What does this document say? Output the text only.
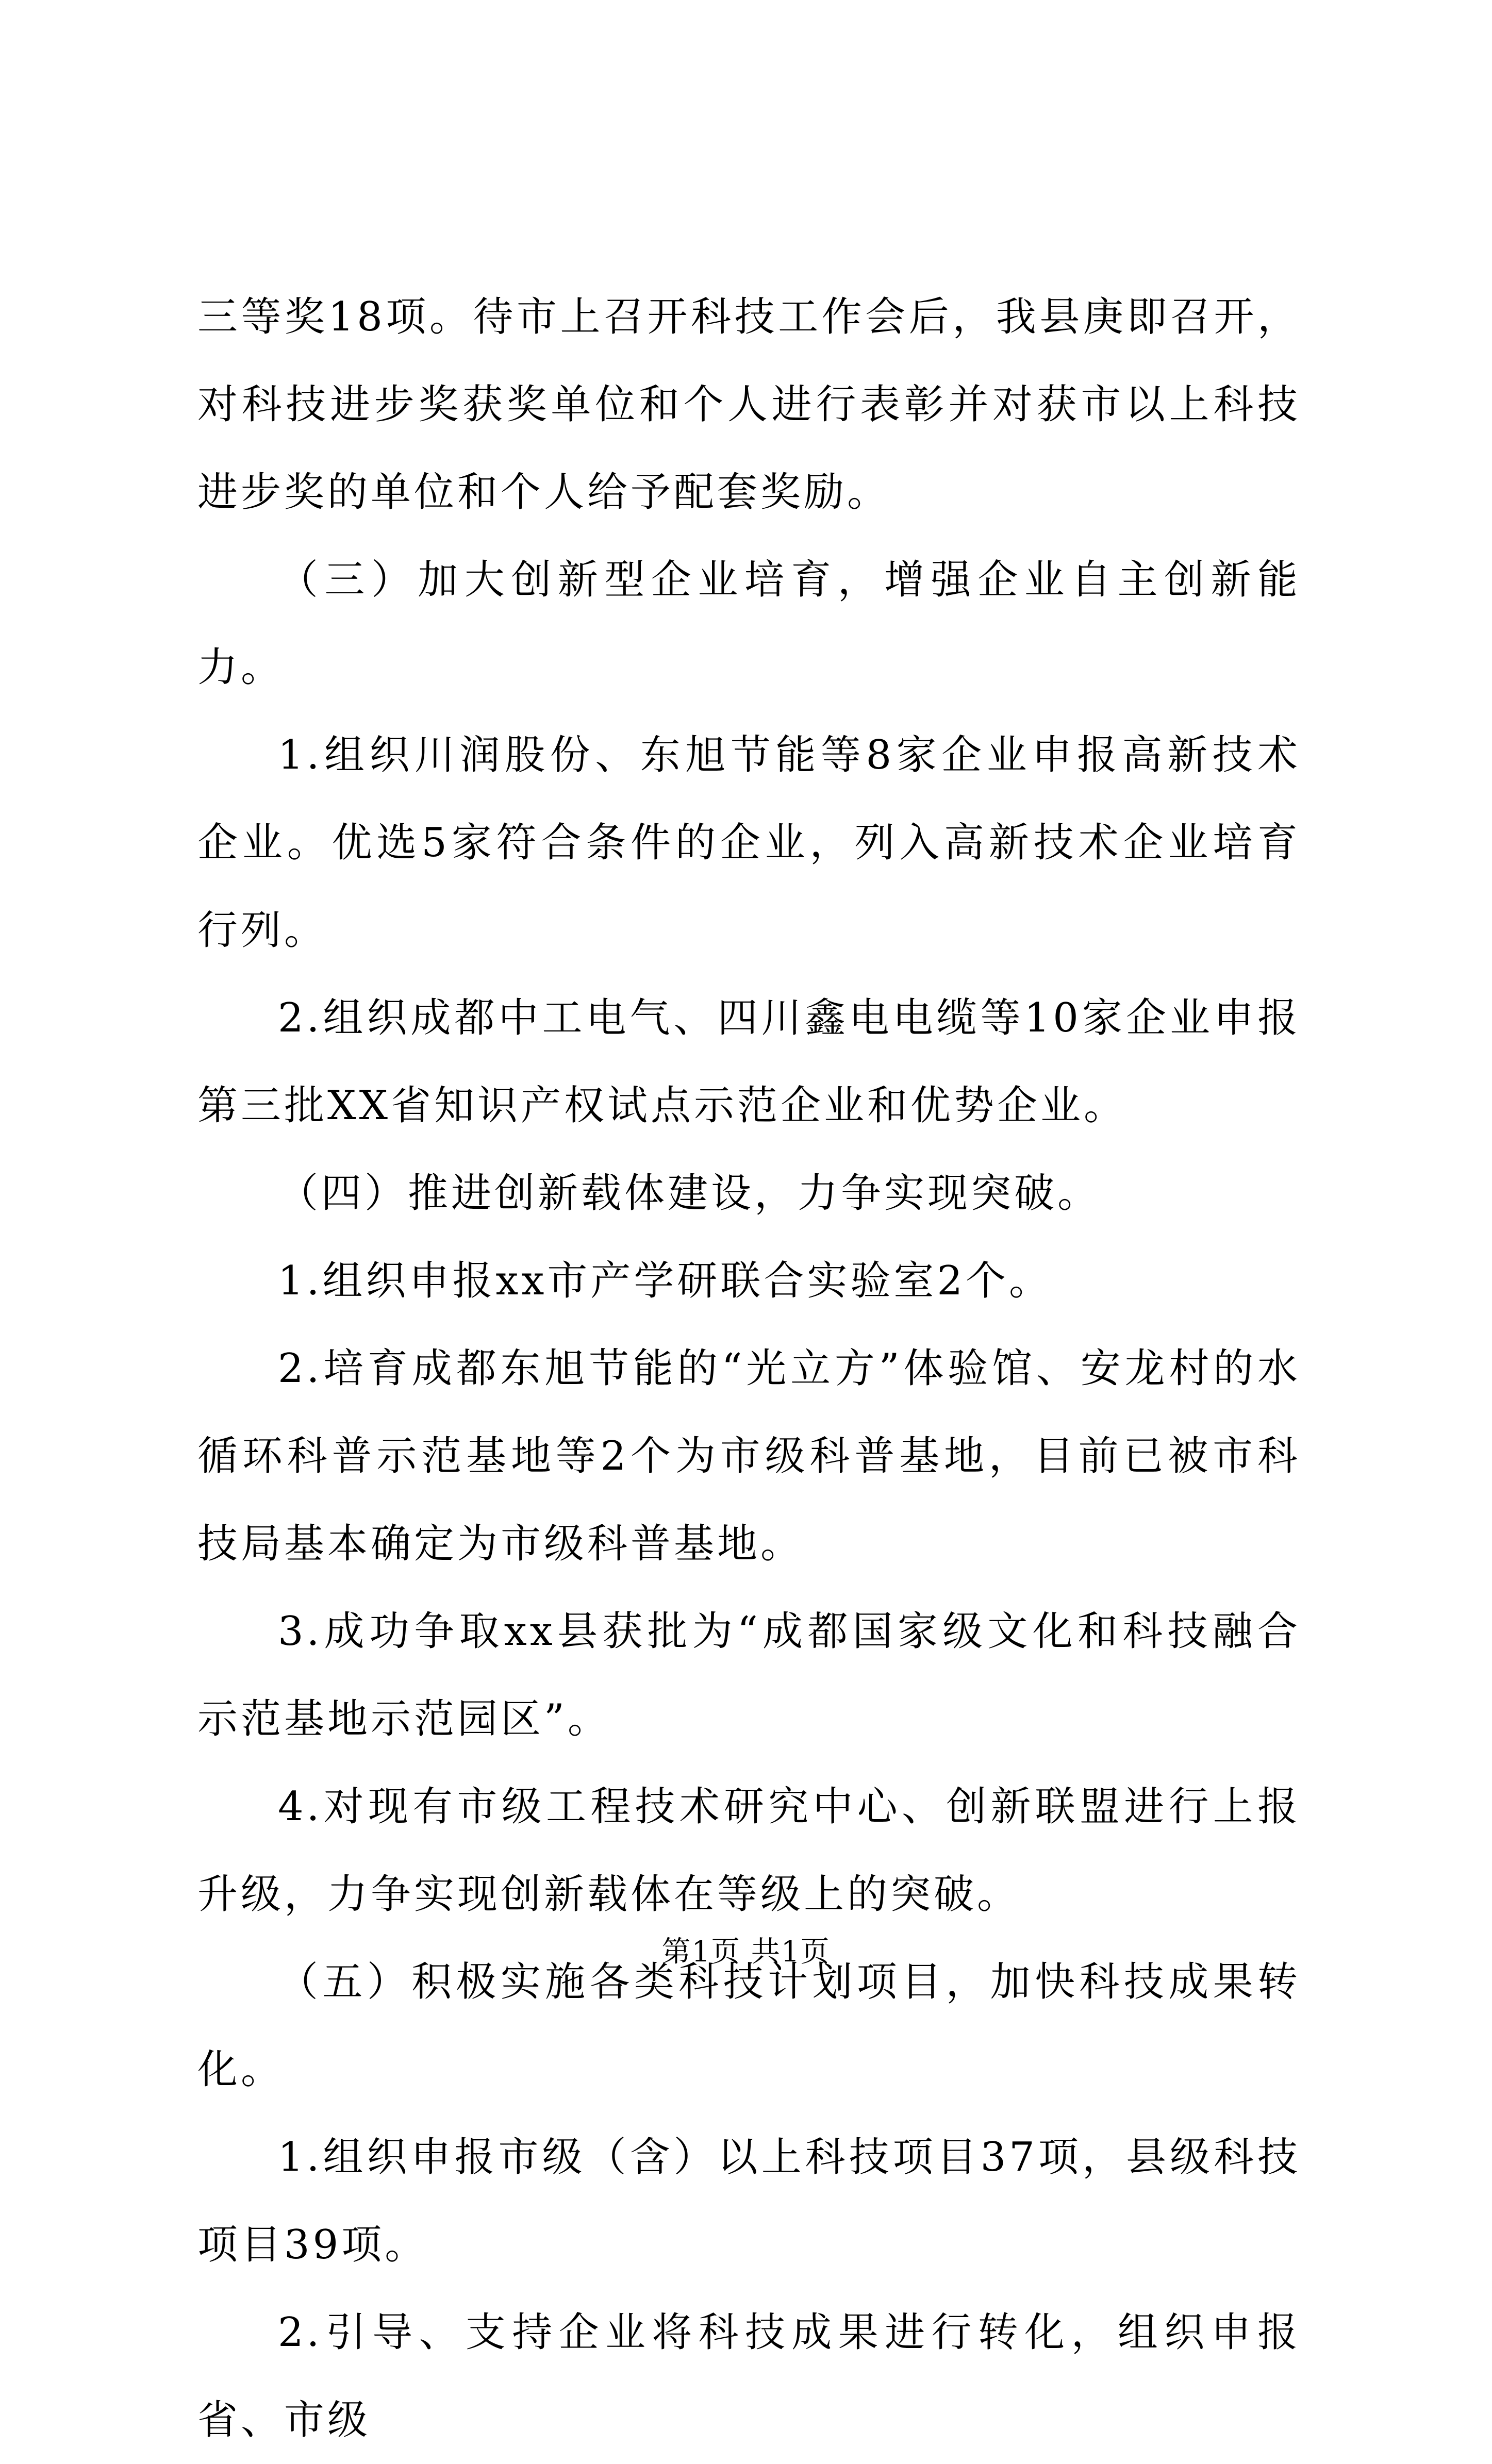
三等奖18项。待市上召开科技工作会后，我县庚即召开，对科技进步奖获奖单位和个人进行表彰并对获市以上科技进步奖的单位和个人给予配套奖励。

（三）加大创新型企业培育，增强企业自主创新能力。

1.组织川润股份、东旭节能等8家企业申报高新技术企业。优选5家符合条件的企业，列入高新技术企业培育行列。

2.组织成都中工电气、四川鑫电电缆等10家企业申报第三批XX省知识产权试点示范企业和优势企业。

（四）推进创新载体建设，力争实现突破。

1.组织申报xx市产学研联合实验室2个。

2.培育成都东旭节能的“光立方”体验馆、安龙村的水循环科普示范基地等2个为市级科普基地，目前已被市科技局基本确定为市级科普基地。

3.成功争取xx县获批为“成都国家级文化和科技融合示范基地示范园区”。

4.对现有市级工程技术研究中心、创新联盟进行上报升级，力争实现创新载体在等级上的突破。

（五）积极实施各类科技计划项目，加快科技成果转化。

1.组织申报市级（含）以上科技项目37项，县级科技项目39项。

2.引导、支持企业将科技成果进行转化，组织申报省、市级

第1页 共1页
